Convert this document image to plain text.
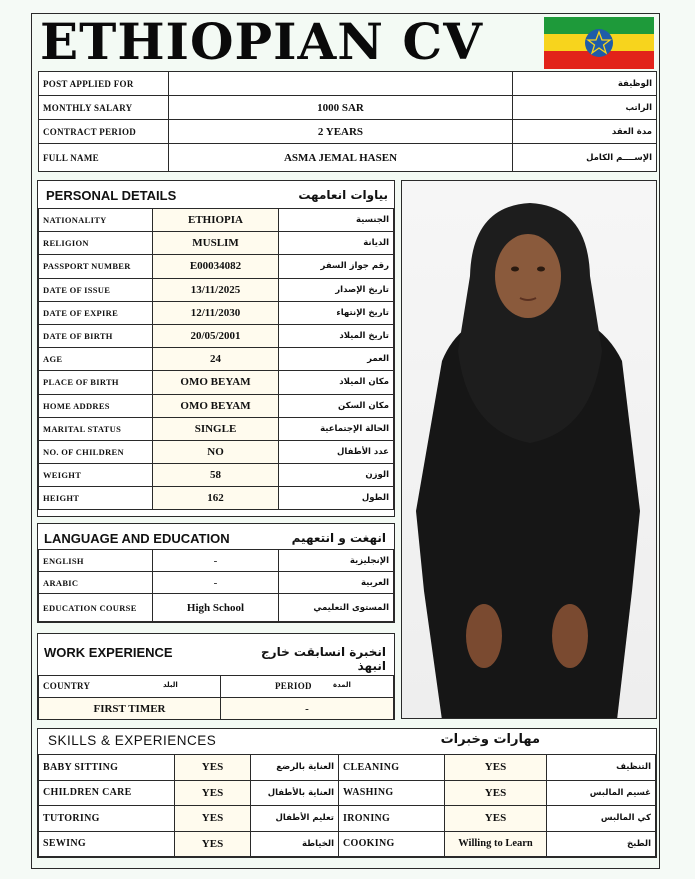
ETHIOPIAN CV
POST APPLIED FOR		الوظيفة
MONTHLY SALARY	1000 SAR	الراتب
CONTRACT PERIOD	2 YEARS	مدة العقد
FULL NAME	ASMA JEMAL HASEN	الإســــم الكامل
PERSONAL DETAILS	بياوات انعامهت
NATIONALITY	ETHIOPIA	الجنسية
RELIGION	MUSLIM	الديانة
PASSPORT NUMBER	E00034082	رقم جواز السفر
DATE OF ISSUE	13/11/2025	تاريخ الإصدار
DATE OF EXPIRE	12/11/2030	تاريخ الإنتهاء
DATE OF BIRTH	20/05/2001	تاريخ الميلاد
AGE	24	العمر
PLACE OF BIRTH	OMO BEYAM	مكان الميلاد
HOME ADDRES	OMO BEYAM	مكان السكن
MARITAL STATUS	SINGLE	الحالة الإجتماعية
NO. OF CHILDREN	NO	عدد الأطفال
WEIGHT	58	الوزن
HEIGHT	162	الطول
LANGUAGE AND EDUCATION	انهغت و انتعهيم
ENGLISH	-	الإنجليزية
ARABIC	-	العربية
EDUCATION COURSE	High School	المستوى التعليمي
WORK EXPERIENCE	انخبرة انسابقت خارج انبهذ
COUNTRY البلد	PERIOD المدة

FIRST TIMER	-
SKILLS & EXPERIENCES	مهارات وخبرات
BABY SITTING	YES	العناية بالرضع	CLEANING	YES	التنظيف
CHILDREN CARE	YES	العناية بالأطفال	WASHING	YES	غسيم المالبس
TUTORING	YES	تعليم الأطفال	IRONING	YES	كي المالبس
SEWING	YES	الخياطة	COOKING	Willing to Learn	الطبخ
